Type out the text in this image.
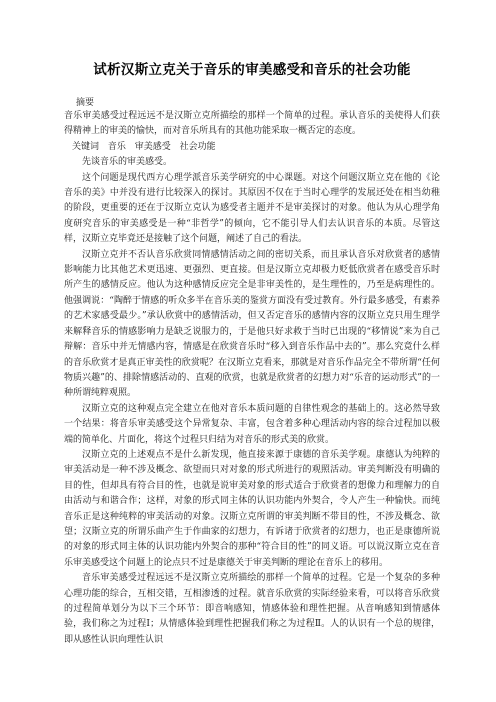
试析汉斯立克关于音乐的审美感受和音乐的社会功能
摘要

音乐审美感受过程远远不是汉斯立克所描绘的那样一个简单的过程。承认音乐的美使得人们获得精神上的审美的愉快，而对音乐所具有的其他功能采取一概否定的态度。

关键词 音乐 审美感受 社会功能
先谈音乐的审美感受。

这个问题是现代西方心理学派音乐美学研究的中心课题。对这个问题汉斯立克在他的《论音乐的美》中并没有进行比较深入的探讨。其原因不仅在于当时心理学的发展还处在相当幼稚的阶段，更重要的还在于汉斯立克认为感受者主题并不是审美探讨的对象。他认为从心理学角度研究音乐的审美感受是一种“非哲学”的倾向，它不能引导人们去认识音乐的本质。尽管这样，汉斯立克毕竟还是接触了这个问题，阐述了自己的看法。

汉斯立克并不否认音乐欣赏同情感情活动之间的密切关系，而且承认音乐对欣赏者的感情影响能力比其他艺术更迅速、更强烈、更直接。但是汉斯立克却极力贬低欣赏者在感受音乐时所产生的感情反应。他认为这种感情反应完全是非审美性的，是生理性的，乃至是病理性的。他强调说：“陶醉于情感的听众多半在音乐美的鉴赏方面没有受过教育。外行最多感受，有素养的艺术家感受最少。”承认欣赏中的感情活动，但又否定音乐的感情内容的汉斯立克只用生理学来解释音乐的情感影响力是缺乏说服力的，于是他只好求救于当时已出现的“移情说”来为自己辩解：音乐中并无情感内容，情感是在欣赏音乐时“移入到音乐作品中去的”。那么究竟什么样的音乐欣赏才是真正审美性的欣赏呢？在汉斯立克看来，那就是对音乐作品完全不带所谓“任何物质兴趣”的、排除情感活动的、直观的欣赏，也就是欣赏者的幻想力对“乐音的运动形式”的一种所谓纯粹观照。

汉斯立克的这种观点完全建立在他对音乐本质问题的自律性观念的基础上的。这必然导致一个结果：将音乐审美感受这个异常复杂、丰富，包含着多种心理活动内容的综合过程加以极端的简单化、片面化，将这个过程只归结为对音乐的形式美的欣赏。

汉斯立克的上述观点不是什么新发现，他直接来源于康德的音乐美学观。康德认为纯粹的审美活动是一种不涉及概念、欲望而只对对象的形式所进行的观照活动。审美判断没有明确的目的性，但却具有符合目的性，也就是说审美对象的形式适合于欣赏者的想像力和理解力的自由活动与和谐合作；这样，对象的形式同主体的认识功能内外契合，令人产生一种愉快。而纯音乐正是这种纯粹的审美活动的对象。汉斯立克所谓的审美判断不带目的性，不涉及概念、欲望；汉斯立克的所谓乐曲产生于作曲家的幻想力，有诉诸于欣赏者的幻想力，也正是康德所说的对象的形式同主体的认识功能内外契合的那种“符合目的性”的同义语。可以说汉斯立克在音乐审美感受这个问题上的论点只不过是康德关于审美判断的理论在音乐上的移用。

音乐审美感受过程远远不是汉斯立克所描绘的那样一个简单的过程。它是一个复杂的多种心理功能的综合，互相交错，互相渗透的过程。就音乐欣赏的实际经验来看，可以将音乐欣赏的过程简单划分为以下三个环节：即音响感知，情感体验和理性把握。从音响感知到情感体验，我们称之为过程Ⅰ；从情感体验到理性把握我们称之为过程Ⅱ。人的认识有一个总的规律，即从感性认识向理性认识
